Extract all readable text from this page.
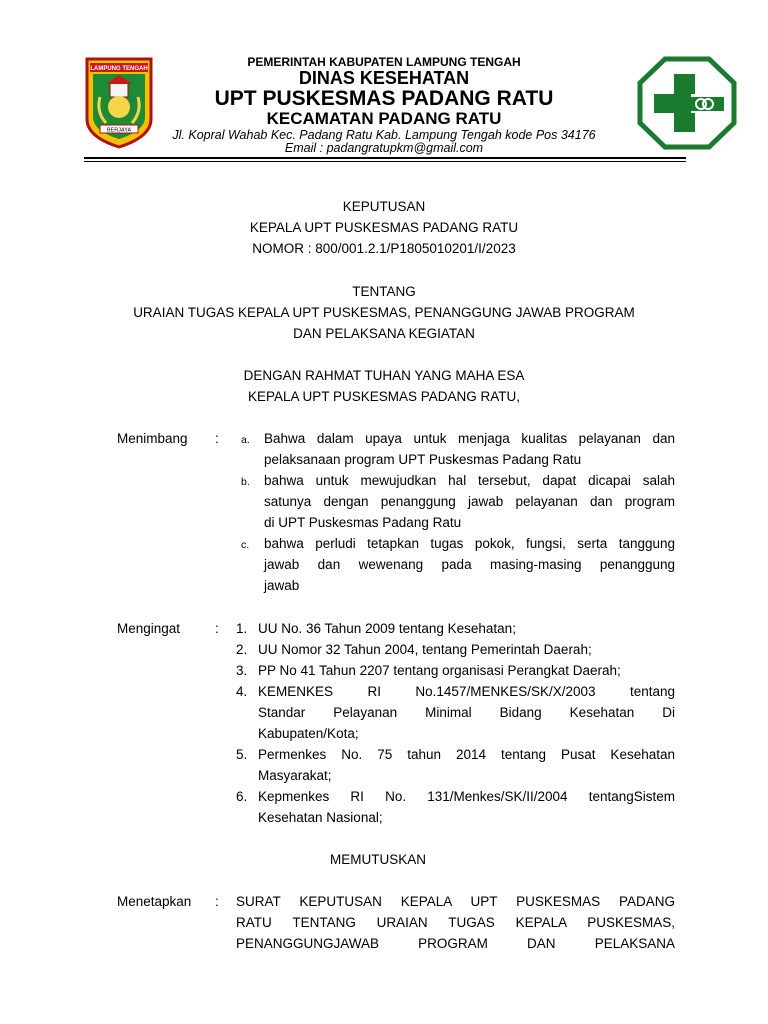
LAMPUNG TENGAH
BERJAYA
PEMERINTAH KABUPATEN LAMPUNG TENGAH
DINAS KESEHATAN
UPT PUSKESMAS PADANG RATU
KECAMATAN PADANG RATU
Jl. Kopral Wahab Kec. Padang Ratu Kab. Lampung Tengah kode Pos 34176
Email : padangratupkm@gmail.com
KEPUTUSAN
KEPALA UPT PUSKESMAS PADANG RATU
NOMOR : 800/001.2.1/P1805010201/I/2023
TENTANG
URAIAN TUGAS KEPALA UPT PUSKESMAS, PENANGGUNG JAWAB PROGRAM
DAN PELAKSANA KEGIATAN
DENGAN RAHMAT TUHAN YANG MAHA ESA
KEPALA UPT PUSKESMAS PADANG RATU,
Menimbang : a. Bahwa dalam upaya untuk menjaga kualitas pelayanan dan
pelaksanaan program UPT Puskesmas Padang Ratu
b. bahwa untuk mewujudkan hal tersebut, dapat dicapai salah
satunya dengan penanggung jawab pelayanan dan program
di UPT Puskesmas Padang Ratu
c. bahwa perludi tetapkan tugas pokok, fungsi, serta tanggung
jawab dan wewenang pada masing-masing penanggung
jawab
Mengingat	: 1. UU No. 36 Tahun 2009 tentang Kesehatan;
2. UU Nomor 32 Tahun 2004, tentang Pemerintah Daerah;
3. PP No 41 Tahun 2207 tentang organisasi Perangkat Daerah;
4. KEMENKES RI No.1457/MENKES/SK/X/2003 tentang
Standar Pelayanan Minimal Bidang Kesehatan Di
Kabupaten/Kota;
5. Permenkes No. 75 tahun 2014 tentang Pusat Kesehatan
Masyarakat;
6. Kepmenkes RI No. 131/Menkes/SK/II/2004 tentangSistem
Kesehatan Nasional;
MEMUTUSKAN
Menetapkan : SURAT KEPUTUSAN KEPALA UPT PUSKESMAS PADANG
RATU TENTANG URAIAN TUGAS KEPALA PUSKESMAS,
PENANGGUNGJAWAB PROGRAM DAN PELAKSANA
